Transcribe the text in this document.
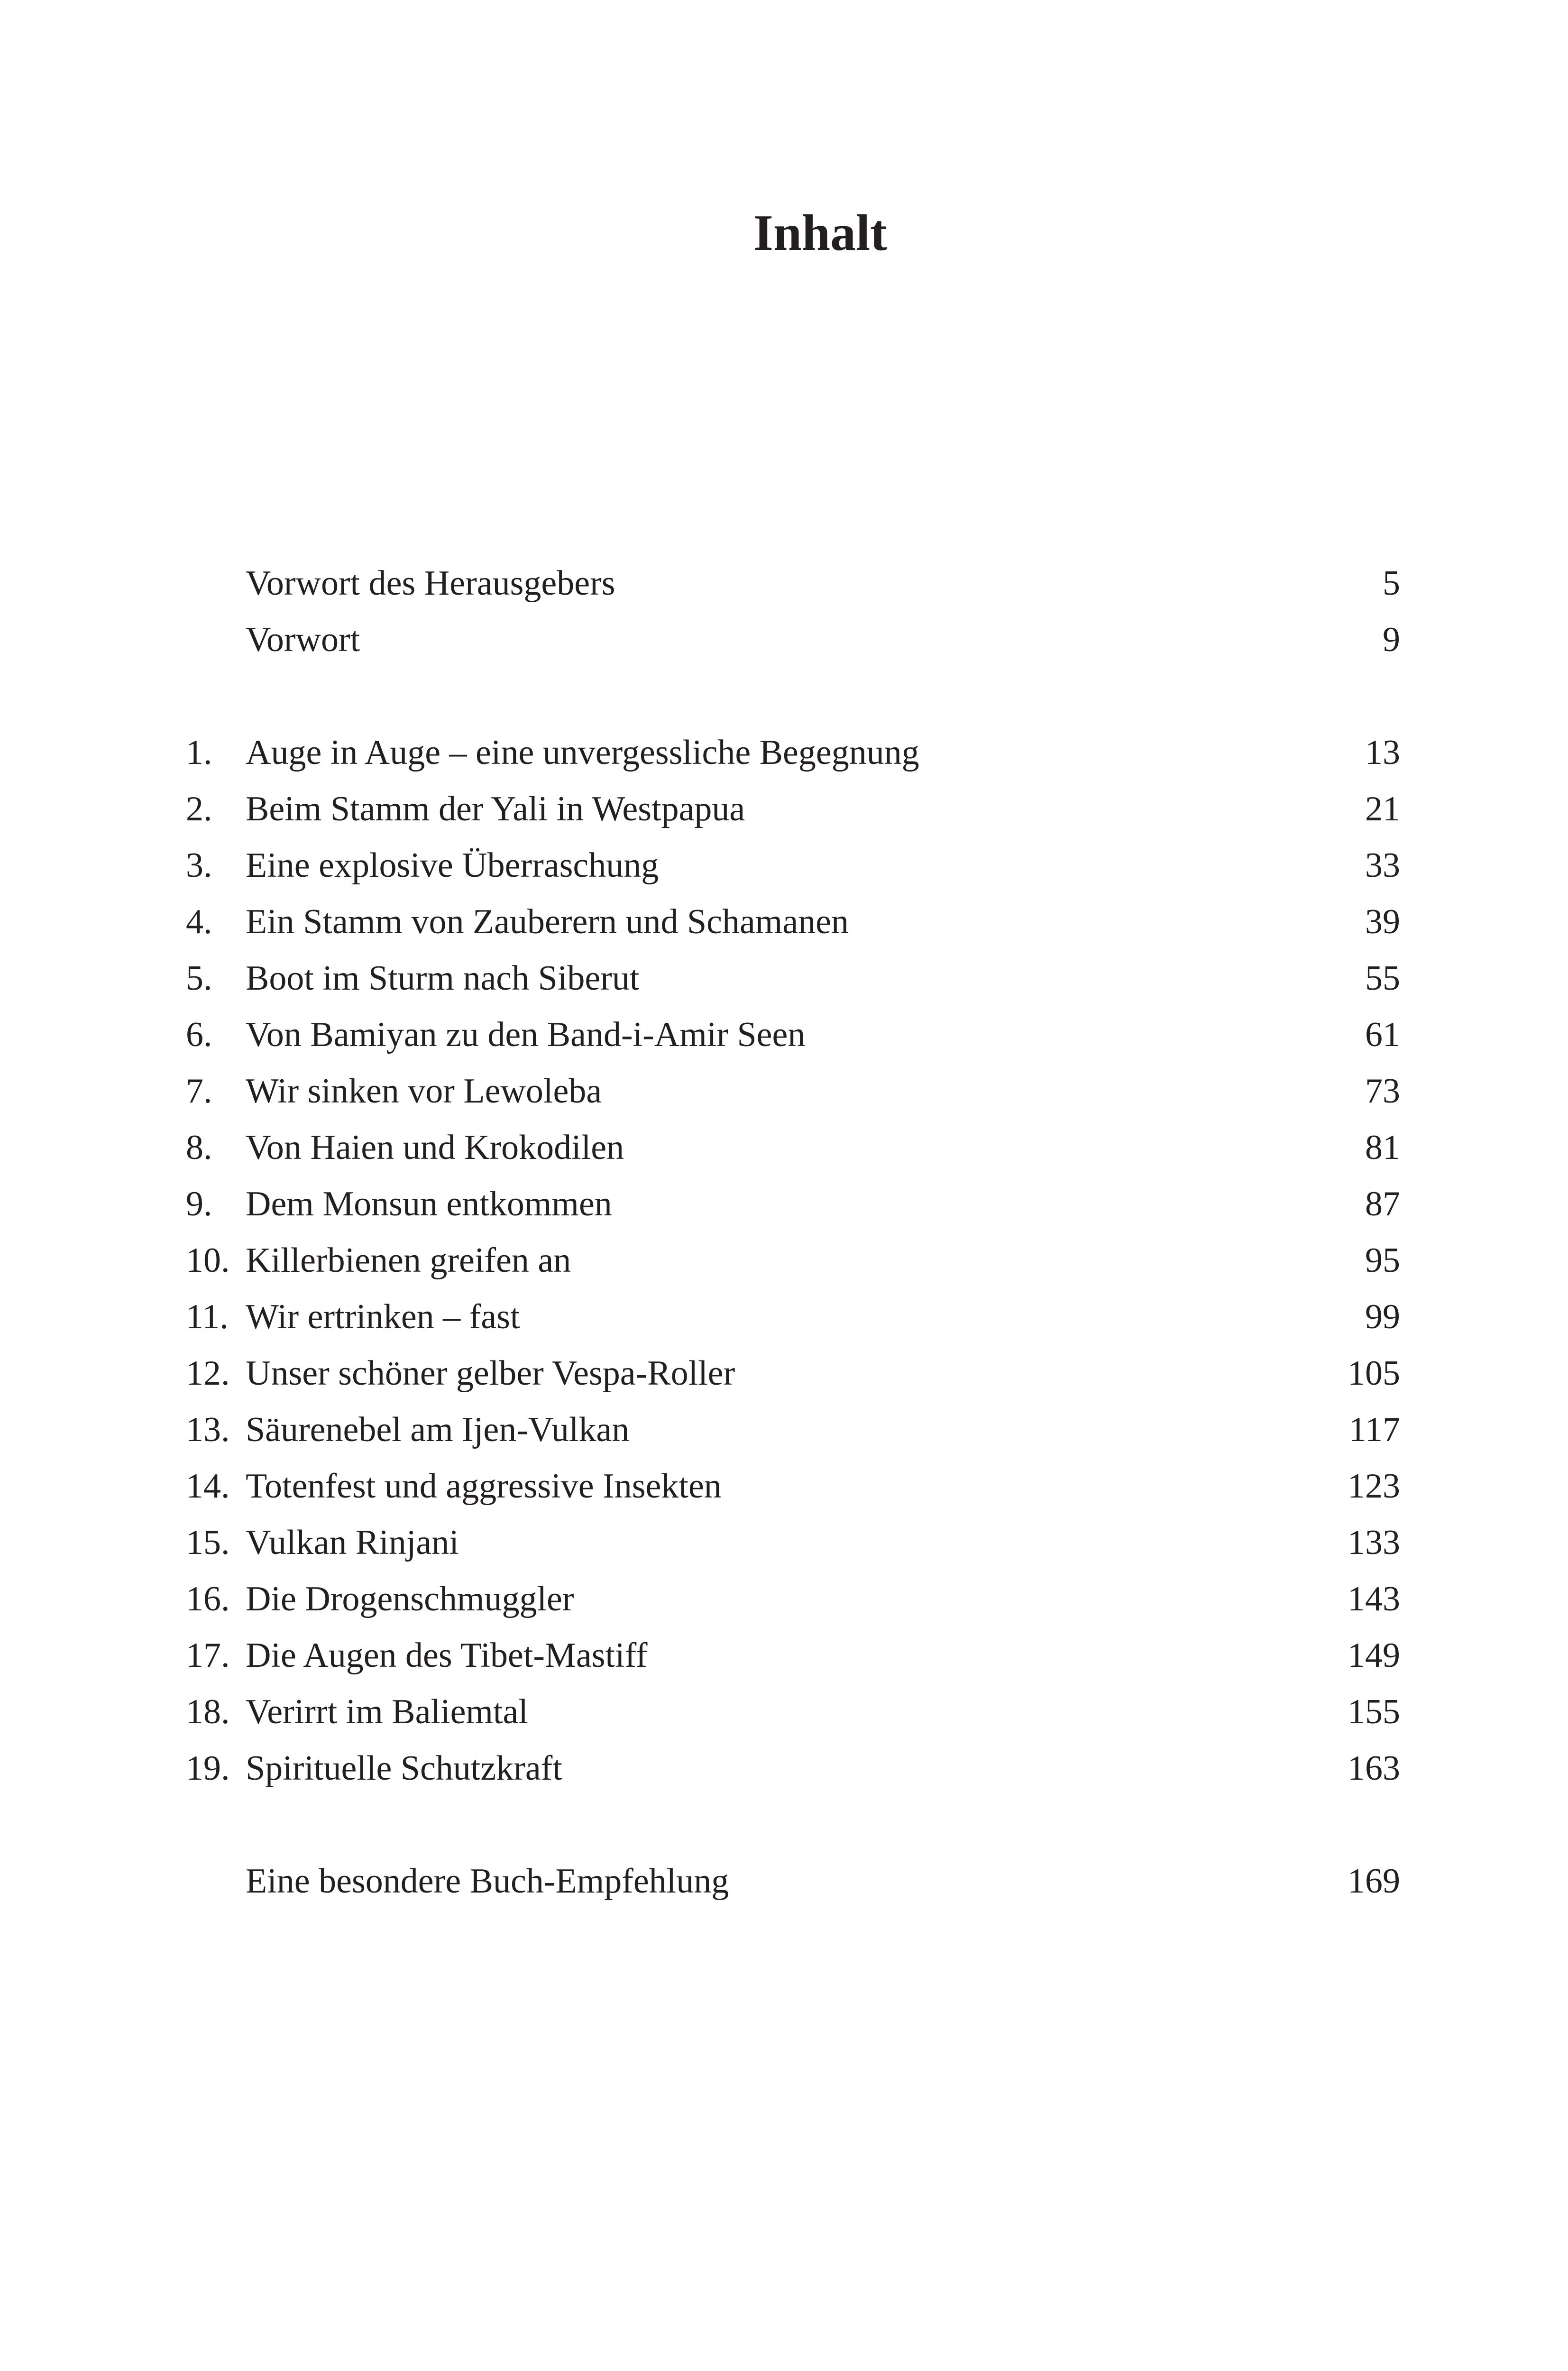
Inhalt
Vorwort des Herausgebers	5
Vorwort	9
1. Auge in Auge – eine unvergessliche Begegnung	13
2. Beim Stamm der Yali in Westpapua	21
3. Eine explosive Überraschung	33
4. Ein Stamm von Zauberern und Schamanen	39
5. Boot im Sturm nach Siberut	55
6. Von Bamiyan zu den Band-i-Amir Seen	61
7. Wir sinken vor Lewoleba	73
8. Von Haien und Krokodilen	81
9. Dem Monsun entkommen	87
10. Killerbienen greifen an	95
11. Wir ertrinken – fast	99
12. Unser schöner gelber Vespa-Roller	105
13. Säurenebel am Ijen-Vulkan	117
14. Totenfest und aggressive Insekten	123
15. Vulkan Rinjani	133
16. Die Drogenschmuggler	143
17. Die Augen des Tibet-Mastiff	149
18. Verirrt im Baliemtal	155
19. Spirituelle Schutzkraft	163
Eine besondere Buch-Empfehlung	169
